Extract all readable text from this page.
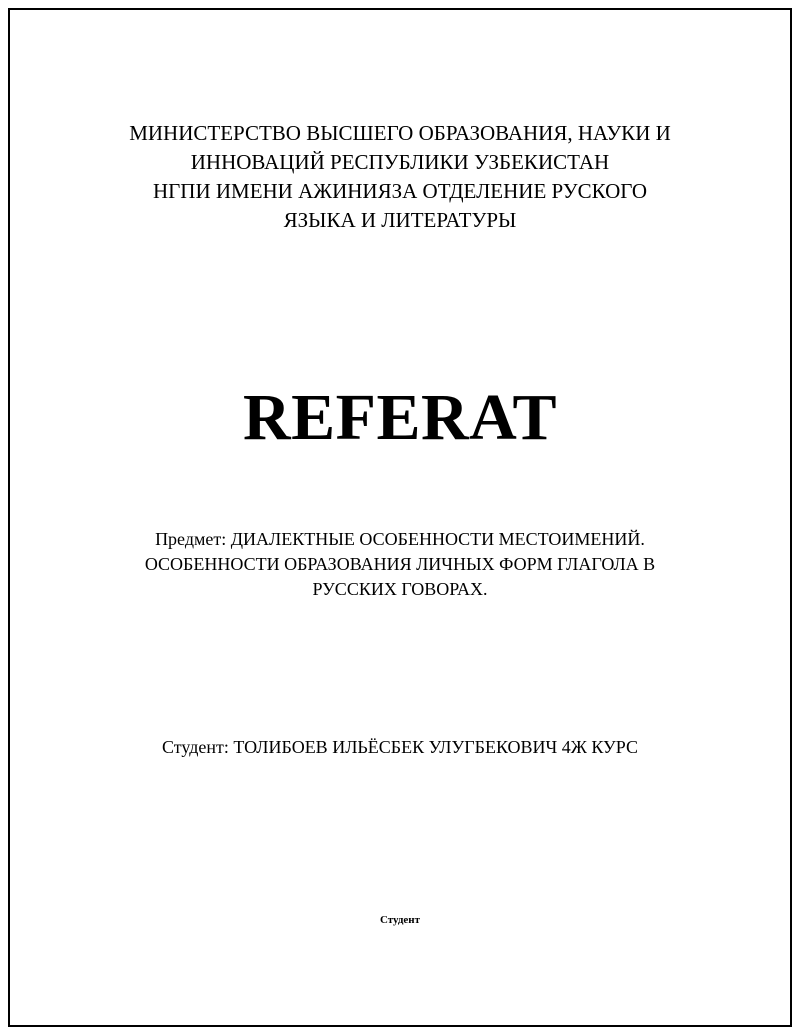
МИНИСТЕРСТВО ВЫСШЕГО ОБРАЗОВАНИЯ, НАУКИ И
ИННОВАЦИЙ РЕСПУБЛИКИ УЗБЕКИСТАН
НГПИ ИМЕНИ АЖИНИЯЗА ОТДЕЛЕНИЕ РУСКОГО
ЯЗЫКА И ЛИТЕРАТУРЫ
REFERAT
Предмет: ДИАЛЕКТНЫЕ ОСОБЕННОСТИ МЕСТОИМЕНИЙ.
ОСОБЕННОСТИ ОБРАЗОВАНИЯ ЛИЧНЫХ ФОРМ ГЛАГОЛА В
РУССКИХ ГОВОРАХ.
Студент: ТОЛИБОЕВ ИЛЬЁСБЕК УЛУГБЕКОВИЧ 4Ж КУРС
Студент
